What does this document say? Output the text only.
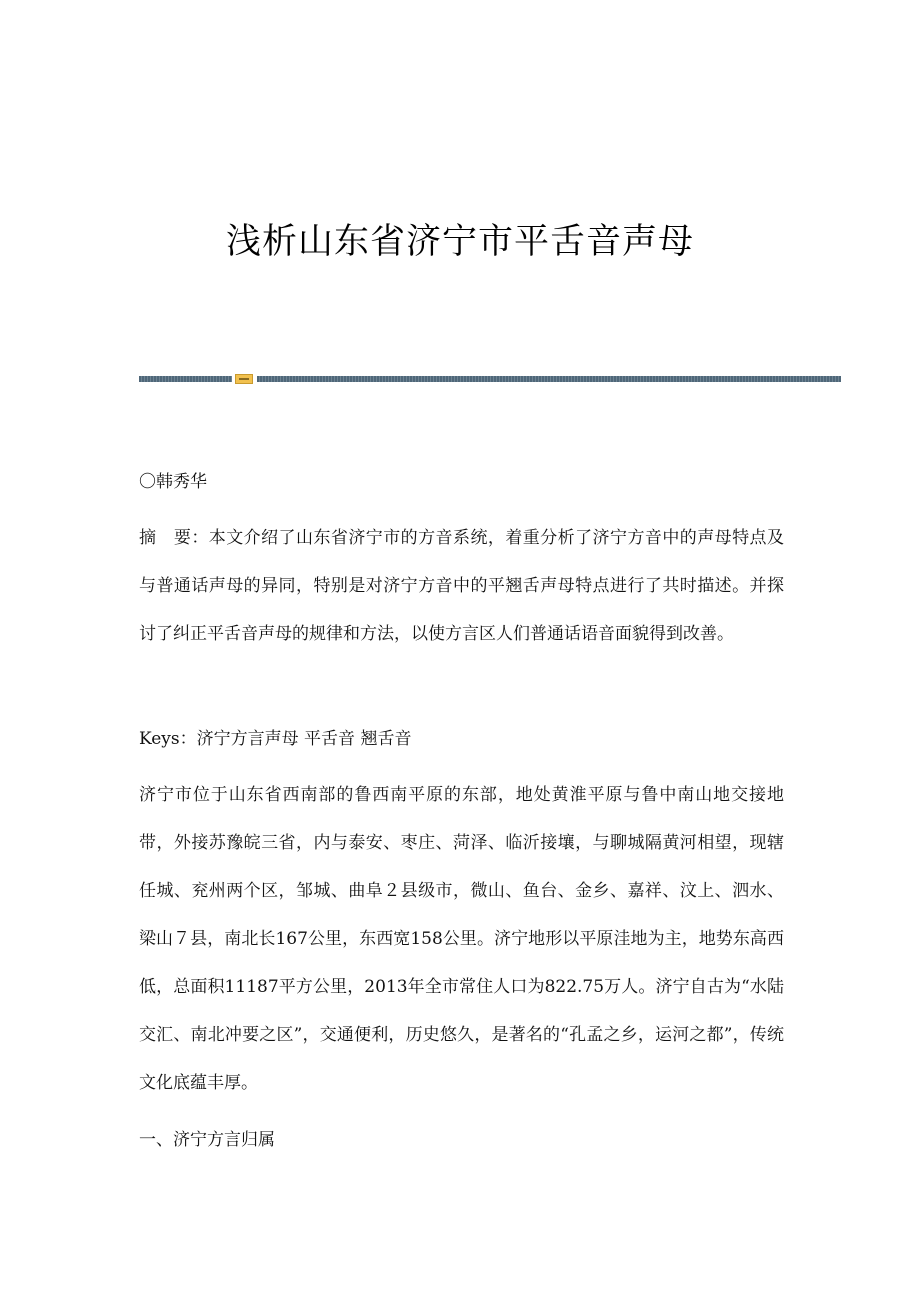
浅析山东省济宁市平舌音声母

〇韩秀华

摘　要：本文介绍了山东省济宁市的方音系统，着重分析了济宁方音中的声母特点及与普通话声母的异同，特别是对济宁方音中的平翘舌声母特点进行了共时描述。并探讨了纠正平舌音声母的规律和方法，以使方言区人们普通话语音面貌得到改善。

Keys：济宁方言声母 平舌音 翘舌音

济宁市位于山东省西南部的鲁西南平原的东部，地处黄淮平原与鲁中南山地交接地带，外接苏豫皖三省，内与泰安、枣庄、菏泽、临沂接壤，与聊城隔黄河相望，现辖任城、兖州两个区，邹城、曲阜２县级市，微山、鱼台、金乡、嘉祥、汶上、泗水、梁山７县，南北长167公里，东西宽158公里。济宁地形以平原洼地为主，地势东高西低，总面积11187平方公里，2013年全市常住人口为822.75万人。济宁自古为“水陆交汇、南北冲要之区”，交通便利，历史悠久，是著名的“孔孟之乡，运河之都”，传统文化底蕴丰厚。

一、济宁方言归属
